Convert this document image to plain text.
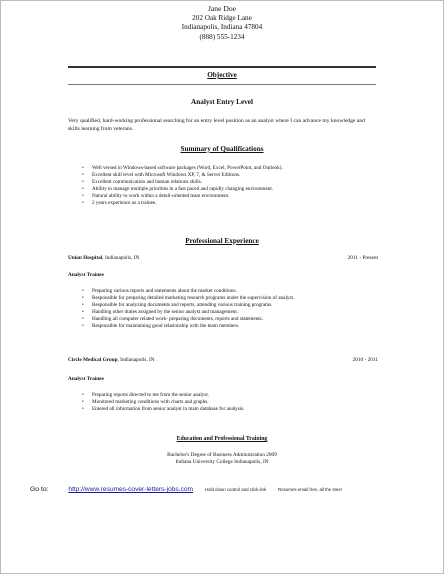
Jane Doe
202 Oak Ridge Lane
Indianapolis, Indiana 47804
(888) 555-1234
Objective
Analyst Entry Level
Very qualified, hard-working professional searching for an entry level position as an analyst where I can advance my knowledge and skills learning from veterans.
Summary of Qualifications
• Well versed in Windows-based software packages (Word, Excel, PowerPoint, and Outlook).
• Excellent skill level with Microsoft Windows XP, 7, & Server Editions.
• Excellent communication and human relations skills.
• Ability to manage multiple priorities in a fast paced and rapidly changing environment.
• Natural ability to work within a detail-oriented team environment.
• 2 years experience as a trainee.
Professional Experience
Union Hospital, Indianapolis, IN	2011 - Present
Analyst Trainee
• Preparing various reports and statements about the market conditions.
• Responsible for preparing detailed marketing research programs under the supervision of analyst.
• Responsible for analyzing documents and reports, attending various training programs.
• Handling other duties assigned by the senior analyst and management.
• Handling all computer related work- preparing documents, reports and statements.
• Responsible for maintaining good relationship with the team members.
Circle Medical Group, Indianapolis, IN	2010 - 2011
Analyst Trainee
• Preparing reports directed to me from the senior analyst.
• Monitored marketing conditions with charts and graphs.
• Entered all information from senior analyst in main database for analysis.
Education and Professional Training
Bachelor's Degree of Business Administration 2009
Indiana University College Indianapolis, IN
Go to:	http://www.resumes-cover-letters-jobs.com	Hold down control and click link	Resumes email free, all the time!
